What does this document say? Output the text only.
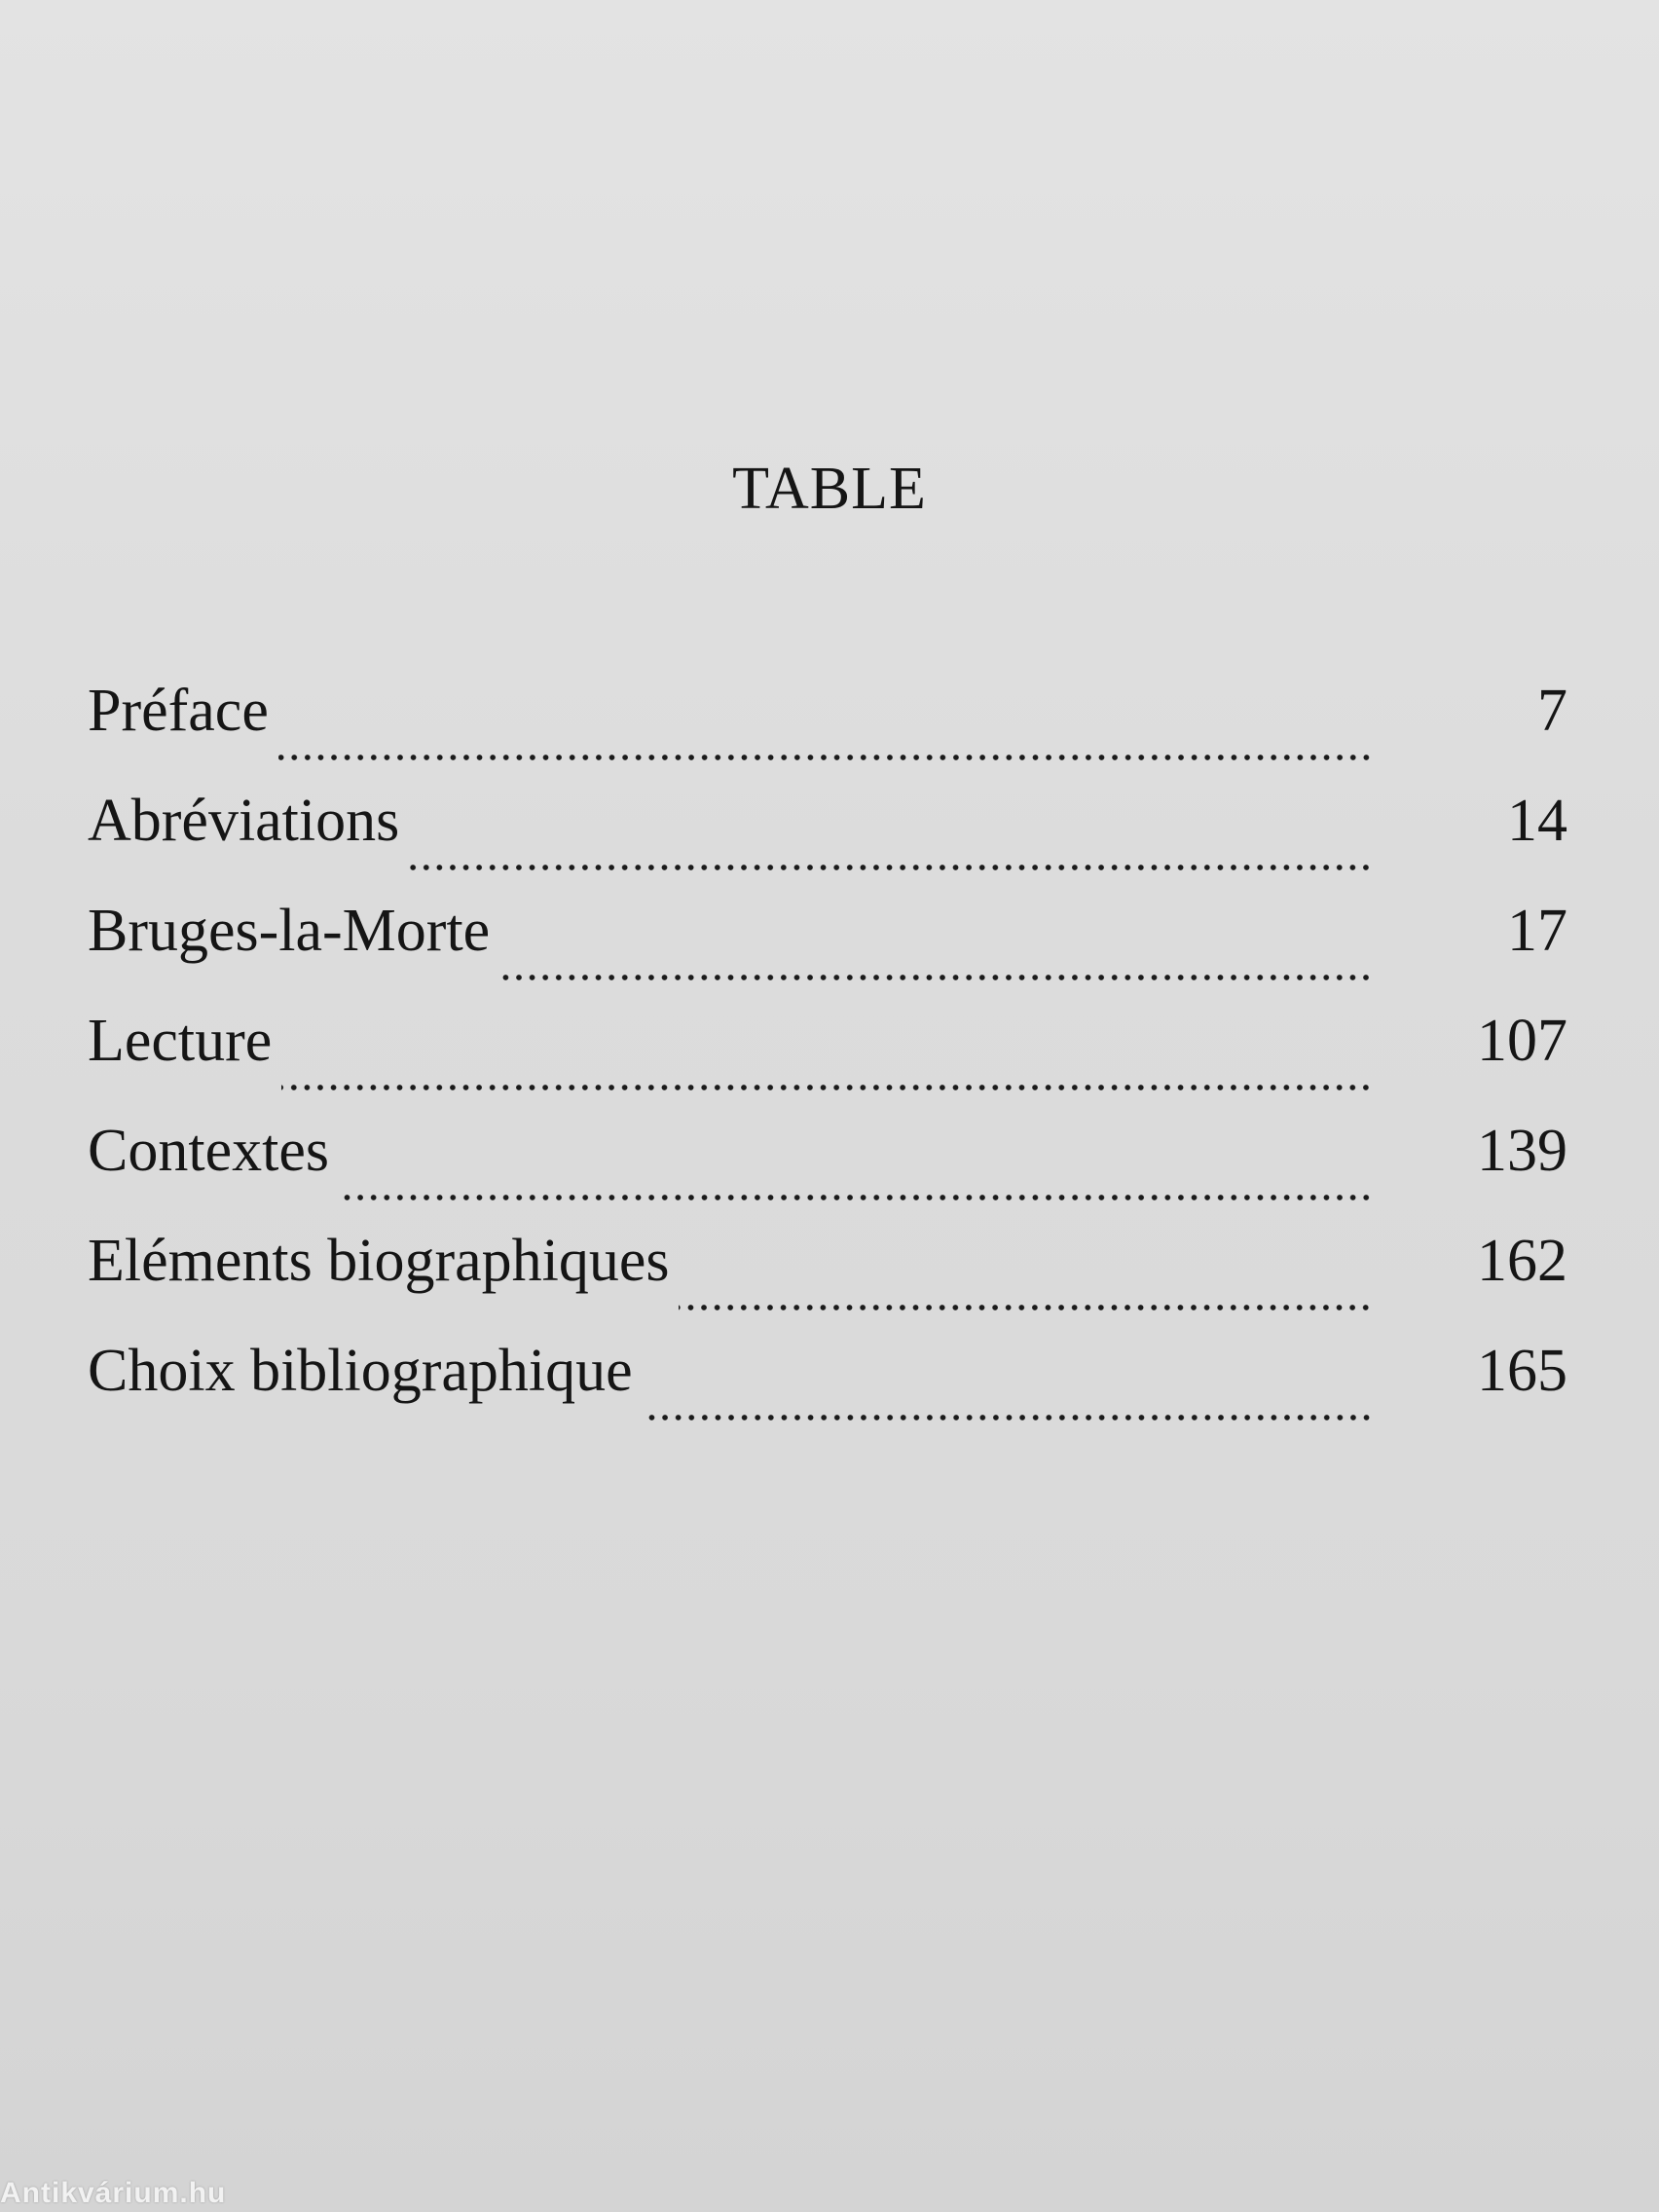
TABLE
Préface	7
Abréviations	14
Bruges-la-Morte	17
Lecture	107
Contextes	139
Eléments biographiques	162
Choix bibliographique	165
Antikvárium.hu
